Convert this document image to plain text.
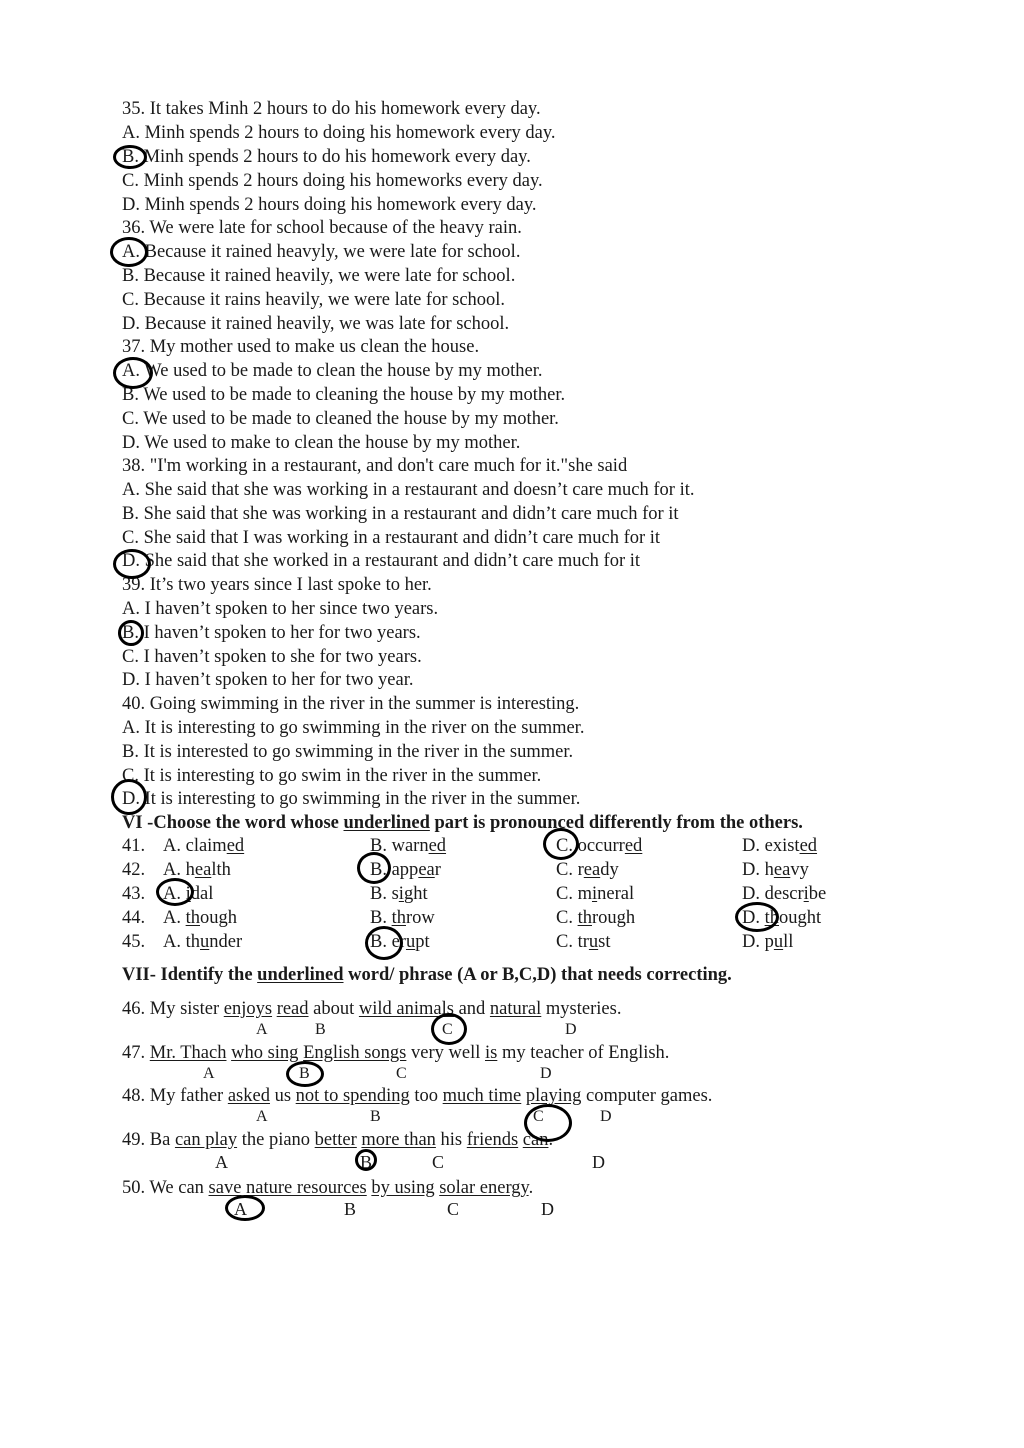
35. It takes Minh 2 hours to do his homework every day.
A. Minh spends 2 hours to doing his homework every day.
B. Minh spends 2 hours to do his homework every day.
C. Minh spends 2 hours doing his homeworks every day.
D. Minh spends 2 hours doing his homework every day.
36. We were late for school because of the heavy rain.
A. Because it rained heavyly, we were late for school.
B. Because it rained heavily, we were late for school.
C. Because it rains heavily, we were late for school.
D. Because it rained heavily, we was late for school.
37. My mother used to make us clean the house.
A. We used to be made to clean the house by my mother.
B. We used to be made to cleaning the house by my mother.
C. We used to be made to cleaned the house by my mother.
D. We used to make to clean the house by my mother.
38. "I'm working in a restaurant, and don't care much for it."she said
A. She said that she was working in a restaurant and doesn’t care much for it.
B. She said that she was working in a restaurant and didn’t care much for it
C. She said that I was working in a restaurant and didn’t care much for it
D. She said that she worked in a restaurant and didn’t care much for it
39. It’s two years since I last spoke to her.
A. I haven’t spoken to her since two years.
B. I haven’t spoken to her for two years.
C. I haven’t spoken to she for two years.
D. I haven’t spoken to her for two year.
40. Going swimming in the river in the summer is interesting.
A. It is interesting to go swimming in the river on the summer.
B. It is interested to go swimming in the river in the summer.
C. It is interesting to go swim in the river in the summer.
D. It is interesting to go swimming in the river in the summer.
VI -Choose the word whose underlined part is pronounced differently from the others.
41. A. claimed	B. warned	C. occurred	D. existed
42. A. health	B. appear	C. ready	D. heavy
43. A. idal	B. sight	C. mineral	D. describe
44. A. though	B. throw	C. through	D. thought
45. A. thunder	B. erupt	C. trust	D. pull
VII- Identify the underlined word/ phrase (A or B,C,D) that needs correcting.
46. My sister enjoys read about wild animals and natural mysteries.
A	B	C	D
47. Mr. Thach who sing English songs very well is my teacher of English.
A	B	C	D
48. My father asked us not to spending too much time playing computer games.
A	B	C	D
49. Ba can play the piano better more than his friends can.
A	B	C	D
50. We can save nature resources by using solar energy.
A	B	C	D
